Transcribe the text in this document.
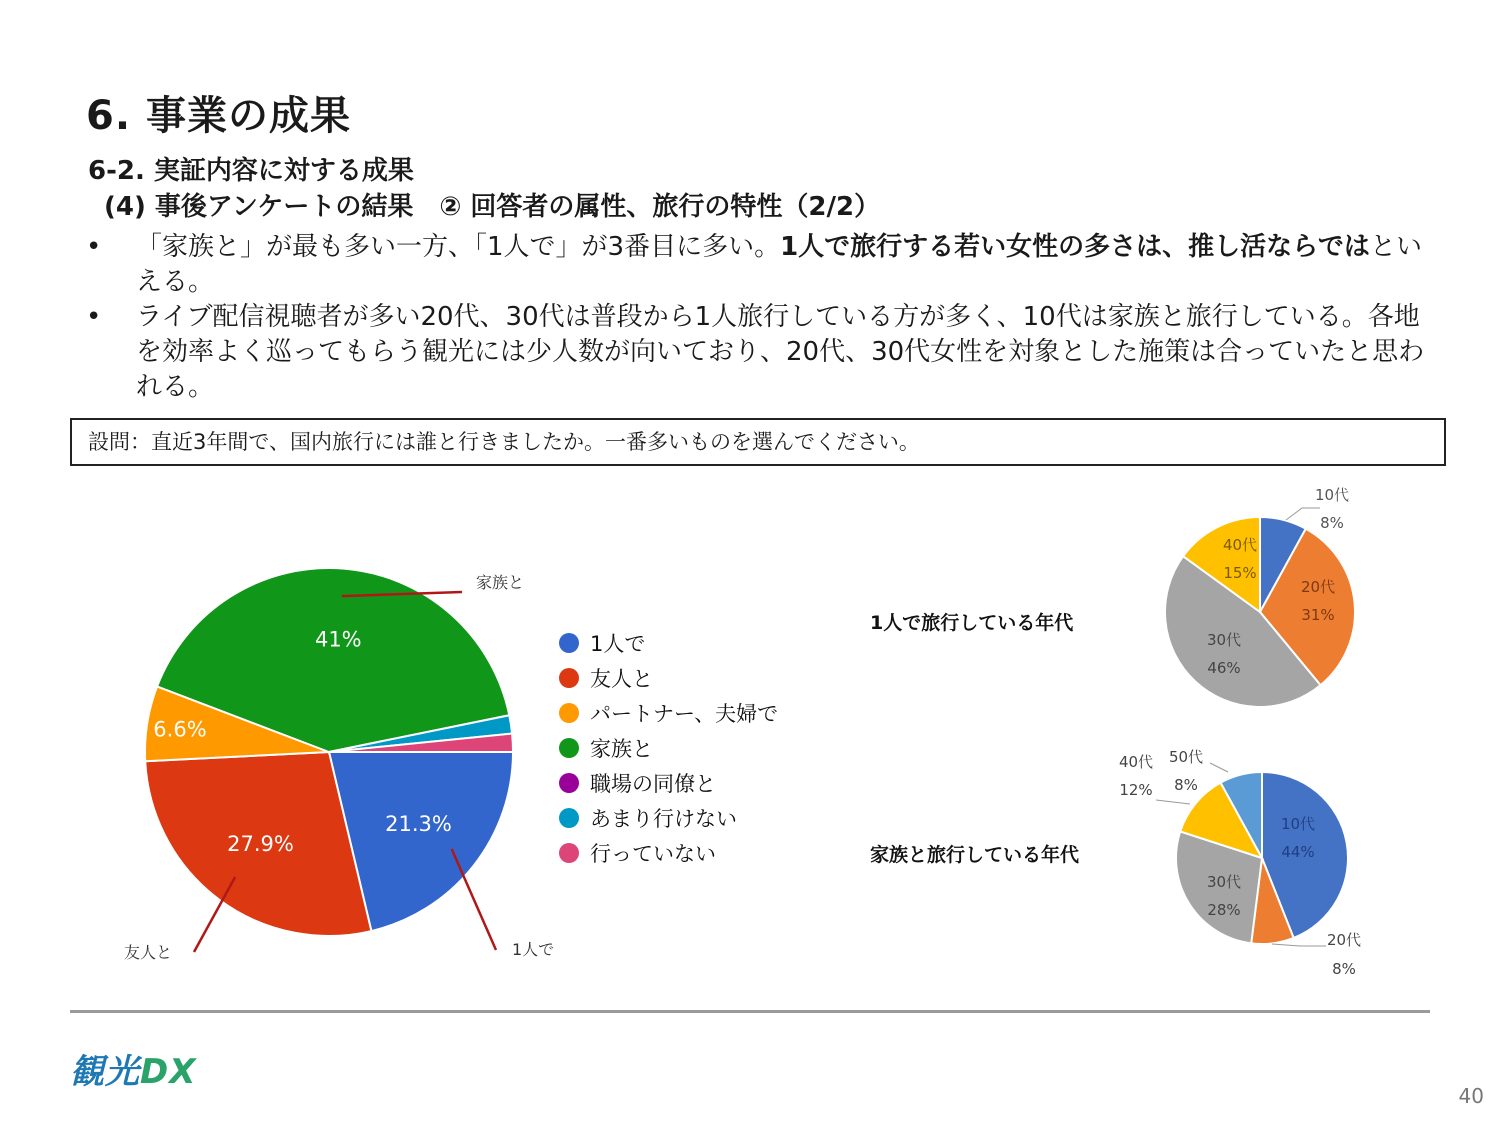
6. 事業の成果
6-2. 実証内容に対する成果
(4) 事後アンケートの結果　② 回答者の属性、旅行の特性（2/2）
• 「家族と」が最も多い一方、「1人で」が3番目に多い。1人で旅行する若い女性の多さは、推し活ならではといえる。
• ライブ配信視聴者が多い20代、30代は普段から1人旅行している方が多く、10代は家族と旅行している。各地を効率よく巡ってもらう観光には少人数が向いており、20代、30代女性を対象とした施策は合っていたと思われる。
設問：直近3年間で、国内旅行には誰と行きましたか。一番多いものを選んでください。
21.3%
27.9%
6.6%
41%
家族と
友人と	1人で
1人で
友人と
パートナー、夫婦で
家族と
職場の同僚と
あまり行けない
行っていない
1人で旅行している年代
10代
8%
20代
31%
30代
46%
40代
15%
家族と旅行している年代
10代
44%
20代
8%
30代
28%
40代
12%
50代
8%
観光DX
40
